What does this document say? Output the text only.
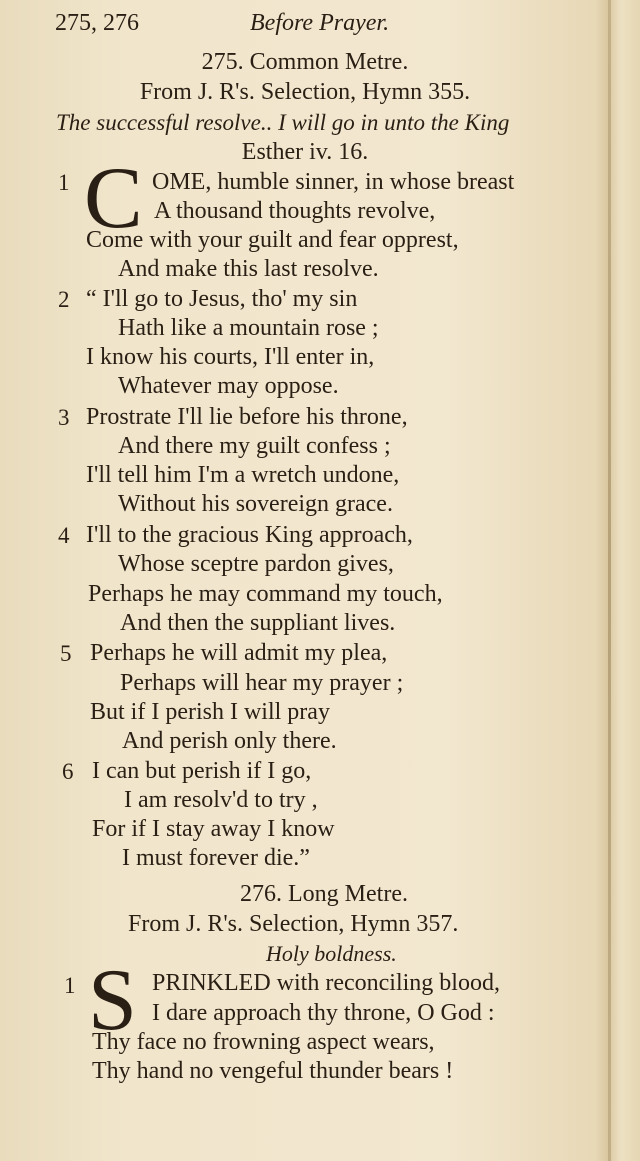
275, 276	Before Prayer.
275. Common Metre.
From J. R's. Selection, Hymn 355.
The successful resolve.. I will go in unto the King
Esther iv. 16.
1 C OME, humble sinner, in whose breast
A thousand thoughts revolve,
Come with your guilt and fear opprest,
And make this last resolve.
2 “ I'll go to Jesus, tho' my sin
Hath like a mountain rose ;
I know his courts, I'll enter in,
Whatever may oppose.
3 Prostrate I'll lie before his throne,
And there my guilt confess ;
I'll tell him I'm a wretch undone,
Without his sovereign grace.
4 I'll to the gracious King approach,
Whose sceptre pardon gives,
Perhaps he may command my touch,
And then the suppliant lives.
5 Perhaps he will admit my plea,
Perhaps will hear my prayer ;
But if I perish I will pray
And perish only there.
6 I can but perish if I go,
I am resolv'd to try ,
For if I stay away I know
I must forever die.”
276. Long Metre.
From J. R's. Selection, Hymn 357.
Holy boldness.
1 S PRINKLED with reconciling blood,
I dare approach thy throne, O God :
Thy face no frowning aspect wears,
Thy hand no vengeful thunder bears !
